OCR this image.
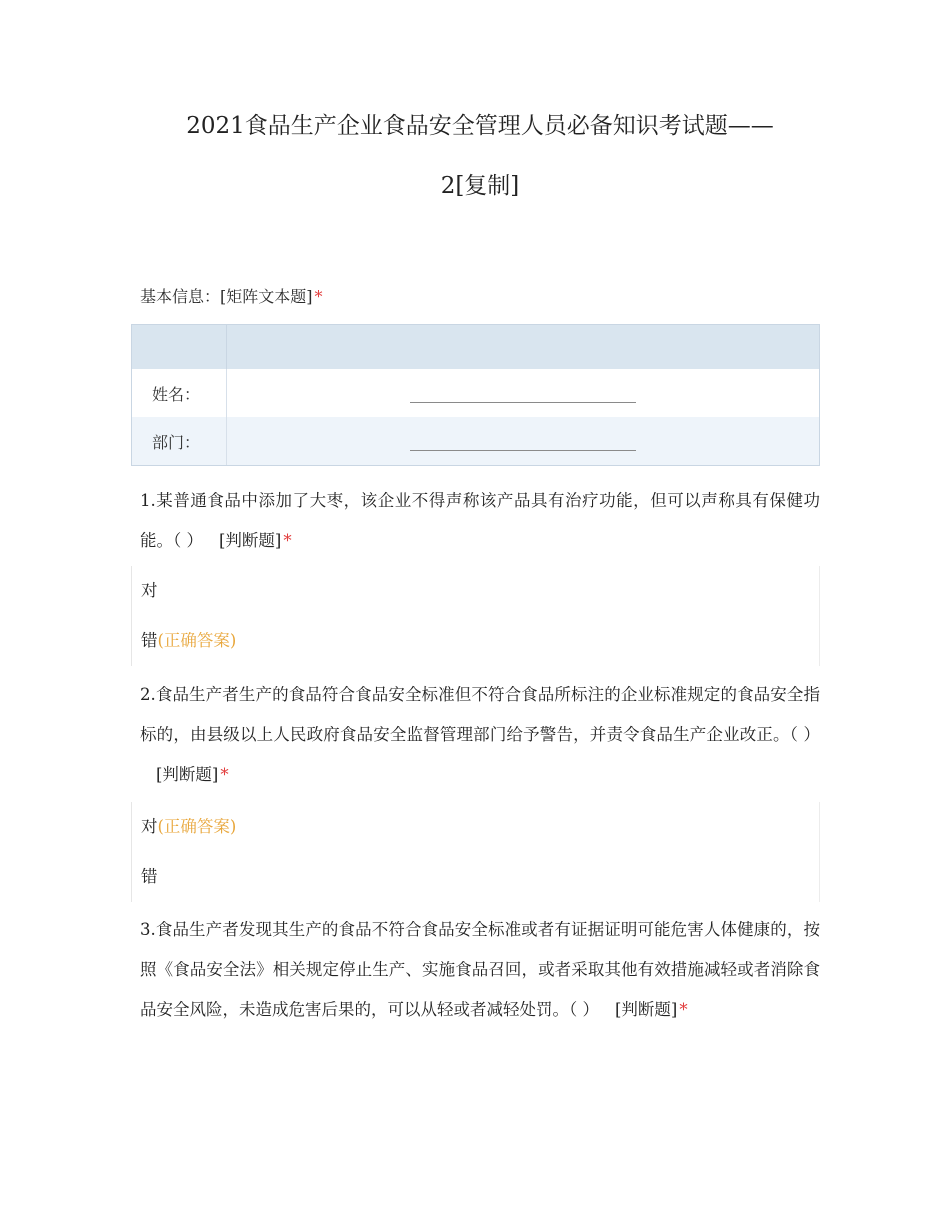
2021食品生产企业食品安全管理人员必备知识考试题——
2[复制]
基本信息：[矩阵文本题] *
姓名：
部门：
1.某普通食品中添加了大枣，该企业不得声称该产品具有治疗功能，但可以声称具有保健功能。（ ） [判断题] *
对
错(正确答案)
2.食品生产者生产的食品符合食品安全标准但不符合食品所标注的企业标准规定的食品安全指标的，由县级以上人民政府食品安全监督管理部门给予警告，并责令食品生产企业改正。（ ）[判断题] *
对(正确答案)
错
3.食品生产者发现其生产的食品不符合食品安全标准或者有证据证明可能危害人体健康的，按照《食品安全法》相关规定停止生产、实施食品召回，或者采取其他有效措施减轻或者消除食品安全风险，未造成危害后果的，可以从轻或者减轻处罚。（ ） [判断题] *
